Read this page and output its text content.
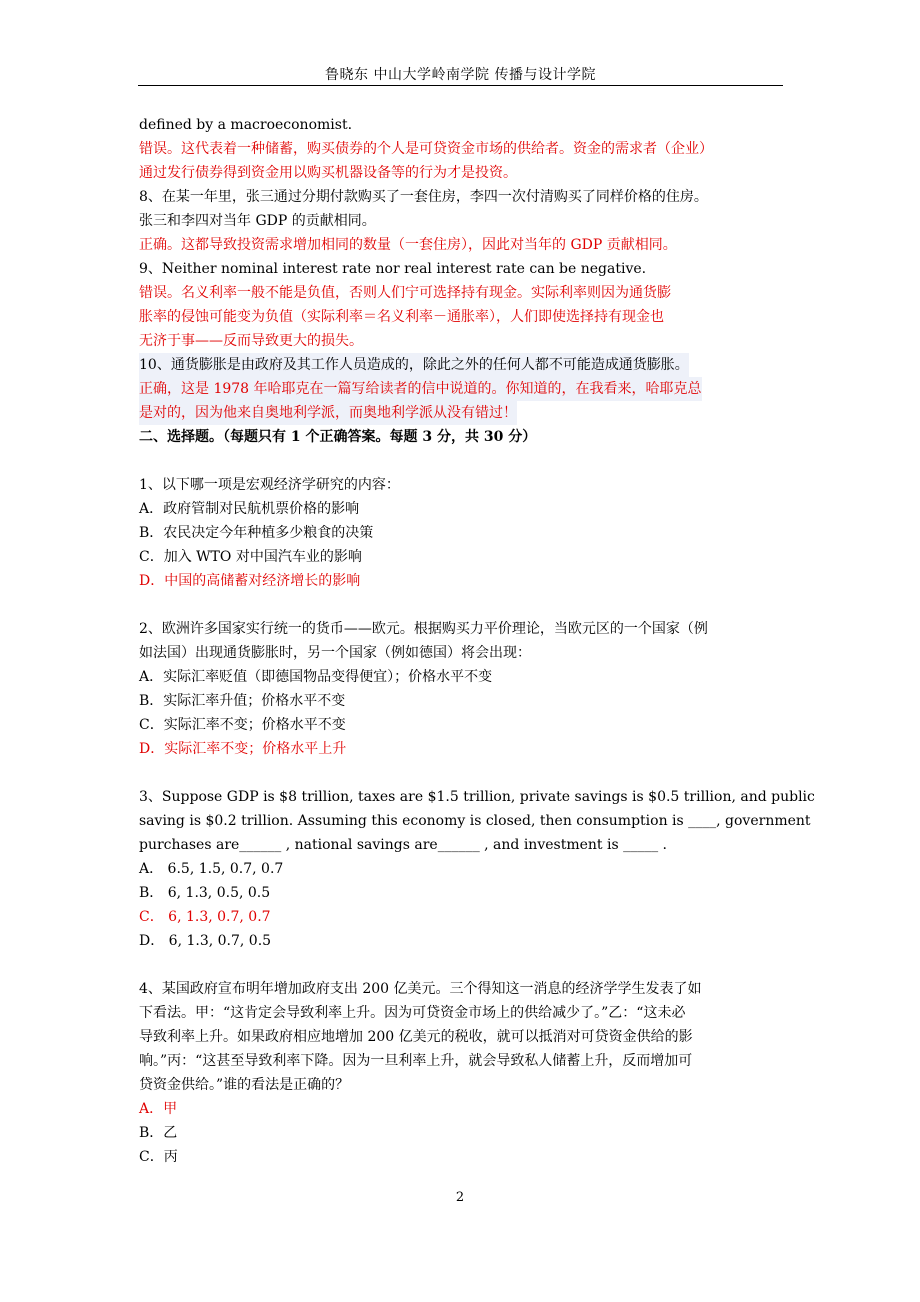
鲁晓东 中山大学岭南学院 传播与设计学院
defined by a macroeconomist.
错误。这代表着一种储蓄，购买债券的个人是可贷资金市场的供给者。资金的需求者（企业）
通过发行债券得到资金用以购买机器设备等的行为才是投资。
8、在某一年里，张三通过分期付款购买了一套住房，李四一次付清购买了同样价格的住房。
张三和李四对当年 GDP 的贡献相同。
正确。这都导致投资需求增加相同的数量（一套住房），因此对当年的 GDP 贡献相同。
9、Neither nominal interest rate nor real interest rate can be negative.
错误。名义利率一般不能是负值，否则人们宁可选择持有现金。实际利率则因为通货膨
胀率的侵蚀可能变为负值（实际利率＝名义利率－通胀率），人们即使选择持有现金也
无济于事——反而导致更大的损失。
10、通货膨胀是由政府及其工作人员造成的，除此之外的任何人都不可能造成通货膨胀。
正确，这是 1978 年哈耶克在一篇写给读者的信中说道的。你知道的，在我看来，哈耶克总
是对的，因为他来自奥地利学派，而奥地利学派从没有错过！
二、选择题。（每题只有 1 个正确答案。每题 3 分，共 30 分）
1、以下哪一项是宏观经济学研究的内容：
A．政府管制对民航机票价格的影响
B．农民决定今年种植多少粮食的决策
C．加入 WTO 对中国汽车业的影响
D．中国的高储蓄对经济增长的影响
2、欧洲许多国家实行统一的货币——欧元。根据购买力平价理论，当欧元区的一个国家（例
如法国）出现通货膨胀时，另一个国家（例如德国）将会出现：
A．实际汇率贬值（即德国物品变得便宜）；价格水平不变
B．实际汇率升值；价格水平不变
C．实际汇率不变；价格水平不变
D．实际汇率不变；价格水平上升
3、Suppose GDP is $8 trillion, taxes are $1.5 trillion, private savings is $0.5 trillion, and public
saving is $0.2 trillion. Assuming this economy is closed, then consumption is ____, government
purchases are______ , national savings are______ , and investment is _____ .
A． 6.5, 1.5, 0.7, 0.7
B． 6, 1.3, 0.5, 0.5
C． 6, 1.3, 0.7, 0.7
D． 6, 1.3, 0.7, 0.5
4、某国政府宣布明年增加政府支出 200 亿美元。三个得知这一消息的经济学学生发表了如
下看法。甲：“这肯定会导致利率上升。因为可贷资金市场上的供给减少了。”乙：“这未必
导致利率上升。如果政府相应地增加 200 亿美元的税收，就可以抵消对可贷资金供给的影
响。”丙：“这甚至导致利率下降。因为一旦利率上升，就会导致私人储蓄上升，反而增加可
贷资金供给。”谁的看法是正确的？
A．甲
B．乙
C．丙
2
